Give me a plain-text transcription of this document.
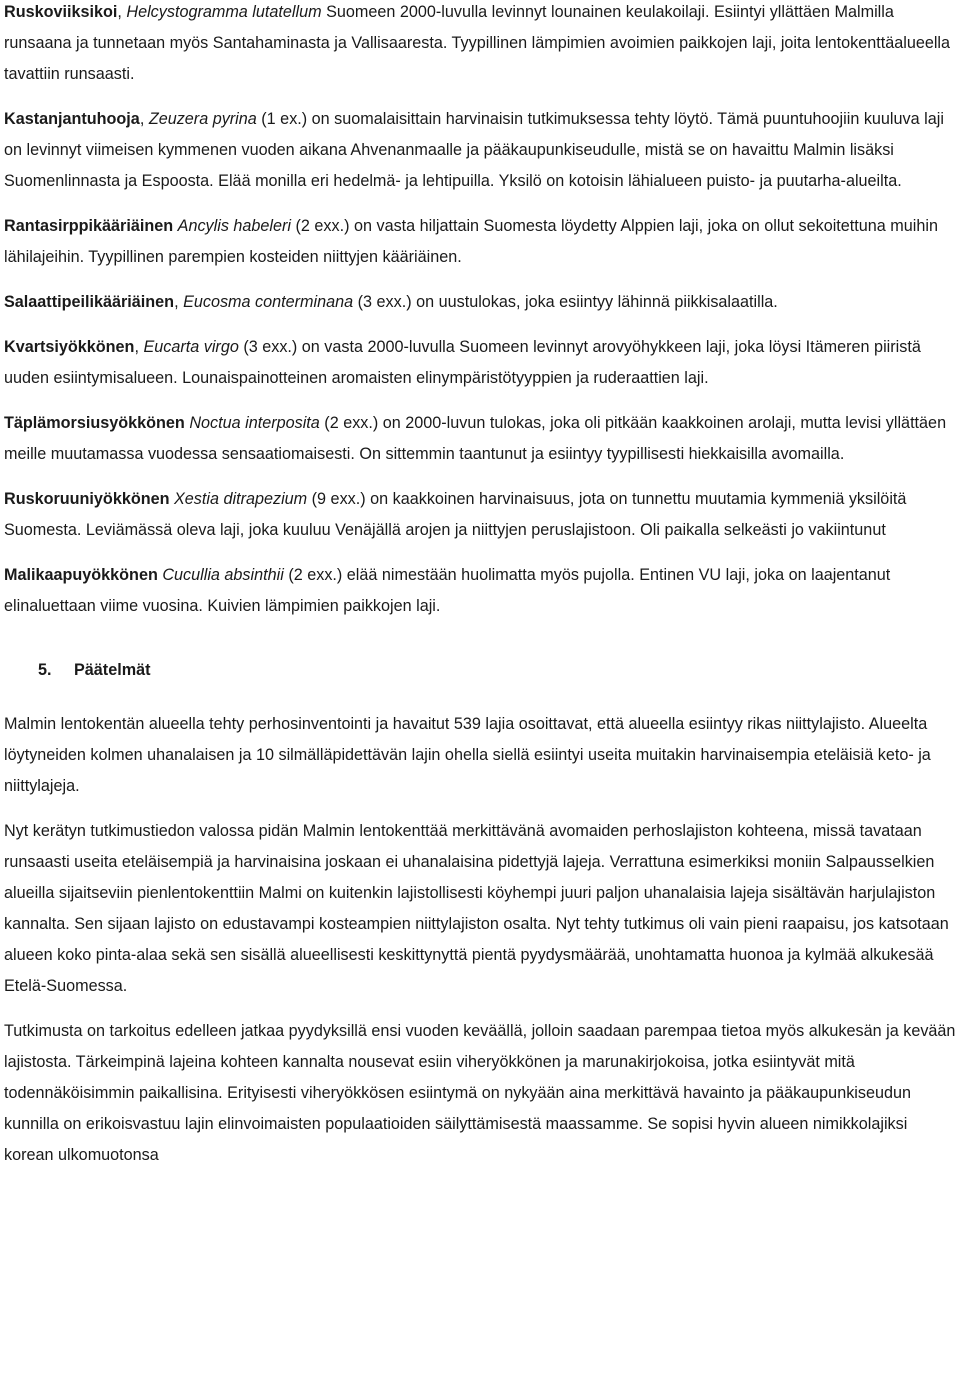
Ruskoviiksikoi, Helcystogramma lutatellum Suomeen 2000-luvulla levinnyt lounainen keulakoilaji. Esiintyi yllättäen Malmilla runsaana ja tunnetaan myös Santahaminasta ja Vallisaaresta. Tyypillinen lämpimien avoimien paikkojen laji, joita lentokenttäalueella tavattiin runsaasti.

Kastanjantuhooja, Zeuzera pyrina (1 ex.) on suomalaisittain harvinaisin tutkimuksessa tehty löytö. Tämä puuntuhoojiin kuuluva laji on levinnyt viimeisen kymmenen vuoden aikana Ahvenanmaalle ja pääkaupunkiseudulle, mistä se on havaittu Malmin lisäksi Suomenlinnasta ja Espoosta. Elää monilla eri hedelmä- ja lehtipuilla. Yksilö on kotoisin lähialueen puisto- ja puutarha-alueilta.

Rantasirppikääriäinen Ancylis habeleri (2 exx.) on vasta hiljattain Suomesta löydetty Alppien laji, joka on ollut sekoitettuna muihin lähilajeihin. Tyypillinen parempien kosteiden niittyjen kääriäinen.

Salaattipeilikääriäinen, Eucosma conterminana (3 exx.) on uustulokas, joka esiintyy lähinnä piikkisalaatilla.

Kvartsiyökkönen, Eucarta virgo (3 exx.) on vasta 2000-luvulla Suomeen levinnyt arovyöhykkeen laji, joka löysi Itämeren piiristä uuden esiintymisalueen. Lounaispainotteinen aromaisten elinympäristötyyppien ja ruderaattien laji.

Täplämorsiusyökkönen Noctua interposita (2 exx.) on 2000-luvun tulokas, joka oli pitkään kaakkoinen arolaji, mutta levisi yllättäen meille muutamassa vuodessa sensaatiomaisesti. On sittemmin taantunut ja esiintyy tyypillisesti hiekkaisilla avomailla.

Ruskoruuniyökkönen Xestia ditrapezium (9 exx.) on kaakkoinen harvinaisuus, jota on tunnettu muutamia kymmeniä yksilöitä Suomesta. Leviämässä oleva laji, joka kuuluu Venäjällä arojen ja niittyjen peruslajistoon. Oli paikalla selkeästi jo vakiintunut

Malikaapuyökkönen Cucullia absinthii (2 exx.) elää nimestään huolimatta myös pujolla. Entinen VU laji, joka on laajentanut elinaluettaan viime vuosina. Kuivien lämpimien paikkojen laji.

5. Päätelmät

Malmin lentokentän alueella tehty perhosinventointi ja havaitut 539 lajia osoittavat, että alueella esiintyy rikas niittylajisto. Alueelta löytyneiden kolmen uhanalaisen ja 10 silmälläpidettävän lajin ohella siellä esiintyi useita muitakin harvinaisempia eteläisiä keto- ja niittylajeja.

Nyt kerätyn tutkimustiedon valossa pidän Malmin lentokenttää merkittävänä avomaiden perhoslajiston kohteena, missä tavataan runsaasti useita eteläisempiä ja harvinaisina joskaan ei uhanalaisina pidettyjä lajeja. Verrattuna esimerkiksi moniin Salpausselkien alueilla sijaitseviin pienlentokenttiin Malmi on kuitenkin lajistollisesti köyhempi juuri paljon uhanalaisia lajeja sisältävän harjulajiston kannalta. Sen sijaan lajisto on edustavampi kosteampien niittylajiston osalta. Nyt tehty tutkimus oli vain pieni raapaisu, jos katsotaan alueen koko pinta-alaa sekä sen sisällä alueellisesti keskittynyttä pientä pyydysmäärää, unohtamatta huonoa ja kylmää alkukesää Etelä-Suomessa.

Tutkimusta on tarkoitus edelleen jatkaa pyydyksillä ensi vuoden keväällä, jolloin saadaan parempaa tietoa myös alkukesän ja kevään lajistosta. Tärkeimpinä lajeina kohteen kannalta nousevat esiin viheryökkönen ja marunakirjokoisa, jotka esiintyvät mitä todennäköisimmin paikallisina. Erityisesti viheryökkösen esiintymä on nykyään aina merkittävä havainto ja pääkaupunkiseudun kunnilla on erikoisvastuu lajin elinvoimaisten populaatioiden säilyttämisestä maassamme. Se sopisi hyvin alueen nimikkolajiksi korean ulkomuotonsa
